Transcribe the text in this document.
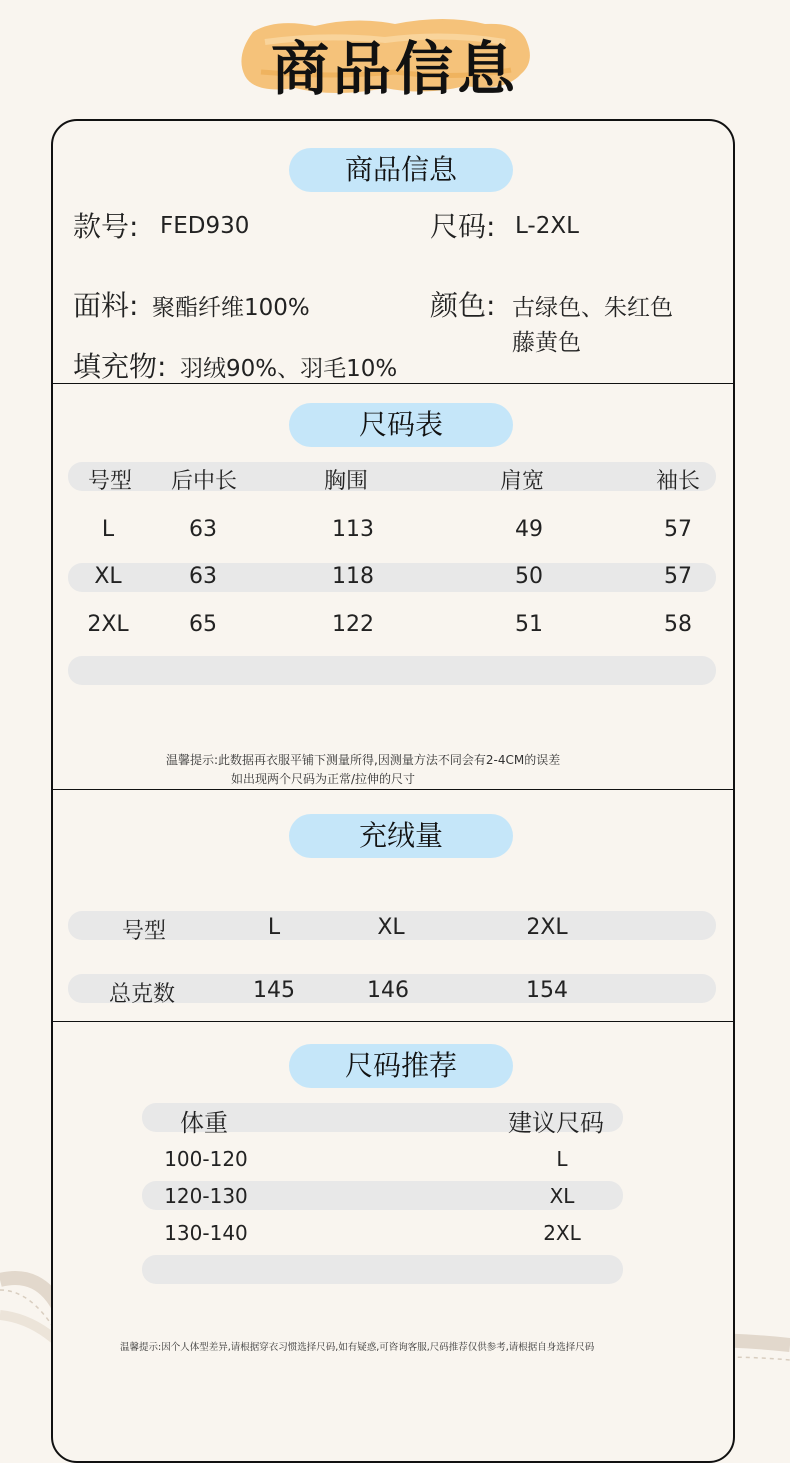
商品信息
商品信息
款号: FED930	尺码: L-2XL
面料: 聚酯纤维100%	颜色: 古绿色、朱红色
藤黄色
填充物: 羽绒90%、羽毛10%
尺码表
号型	后中长	胸围	肩宽	袖长
L	63	113	49	57
XL	63	118	50	57
2XL	65	122	51	58
温馨提示:此数据再衣服平铺下测量所得,因测量方法不同会有2-4CM的误差
如出现两个尺码为正常/拉伸的尺寸
充绒量
号型	L	XL	2XL
总克数	145	146	154
尺码推荐
体重	建议尺码
100-120	L
120-130	XL
130-140	2XL
温馨提示:因个人体型差异,请根据穿衣习惯选择尺码,如有疑惑,可咨询客服,尺码推荐仅供参考,请根据自身选择尺码
